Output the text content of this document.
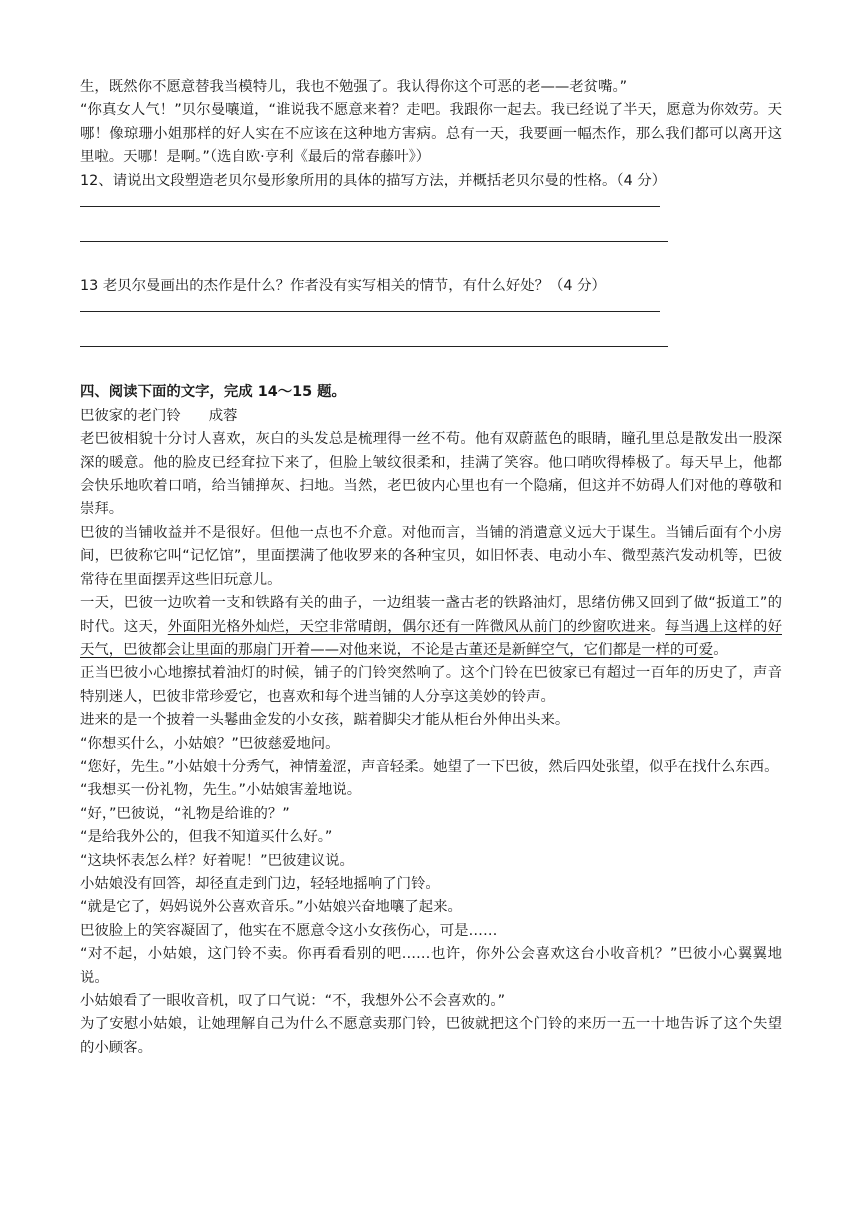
生，既然你不愿意替我当模特儿，我也不勉强了。我认得你这个可恶的老——老贫嘴。”

“你真女人气！”贝尔曼嚷道，“谁说我不愿意来着？走吧。我跟你一起去。我已经说了半天，愿意为你效劳。天哪！像琼珊小姐那样的好人实在不应该在这种地方害病。总有一天，我要画一幅杰作，那么我们都可以离开这里啦。天哪！是啊。”（选自欧·亨利《最后的常春藤叶》）

12、请说出文段塑造老贝尔曼形象所用的具体的描写方法，并概括老贝尔曼的性格。（4 分）

13 老贝尔曼画出的杰作是什么？作者没有实写相关的情节，有什么好处？（4 分）

四、阅读下面的文字，完成 14～15 题。

巴彼家的老门铃 成蓉

老巴彼相貌十分讨人喜欢，灰白的头发总是梳理得一丝不苟。他有双蔚蓝色的眼睛，瞳孔里总是散发出一股深深的暖意。他的脸皮已经耷拉下来了，但脸上皱纹很柔和，挂满了笑容。他口哨吹得棒极了。每天早上，他都会快乐地吹着口哨，给当铺掸灰、扫地。当然，老巴彼内心里也有一个隐痛，但这并不妨碍人们对他的尊敬和崇拜。

巴彼的当铺收益并不是很好。但他一点也不介意。对他而言，当铺的消遣意义远大于谋生。当铺后面有个小房间，巴彼称它叫“记忆馆”，里面摆满了他收罗来的各种宝贝，如旧怀表、电动小车、微型蒸汽发动机等，巴彼常待在里面摆弄这些旧玩意儿。

一天，巴彼一边吹着一支和铁路有关的曲子，一边组装一盏古老的铁路油灯，思绪仿佛又回到了做“扳道工”的时代。这天，外面阳光格外灿烂，天空非常晴朗，偶尔还有一阵微风从前门的纱窗吹进来。每当遇上这样的好天气，巴彼都会让里面的那扇门开着——对他来说，不论是古董还是新鲜空气，它们都是一样的可爱。

正当巴彼小心地擦拭着油灯的时候，铺子的门铃突然响了。这个门铃在巴彼家已有超过一百年的历史了，声音特别迷人，巴彼非常珍爱它，也喜欢和每个进当铺的人分享这美妙的铃声。

进来的是一个披着一头鬈曲金发的小女孩，踮着脚尖才能从柜台外伸出头来。

“你想买什么，小姑娘？”巴彼慈爱地问。

“您好，先生。”小姑娘十分秀气，神情羞涩，声音轻柔。她望了一下巴彼，然后四处张望，似乎在找什么东西。

“我想买一份礼物，先生。”小姑娘害羞地说。

“好，”巴彼说，“礼物是给谁的？”

“是给我外公的，但我不知道买什么好。”

“这块怀表怎么样？好着呢！”巴彼建议说。

小姑娘没有回答，却径直走到门边，轻轻地摇响了门铃。

“就是它了，妈妈说外公喜欢音乐。”小姑娘兴奋地嚷了起来。

巴彼脸上的笑容凝固了，他实在不愿意令这小女孩伤心，可是……

“对不起，小姑娘，这门铃不卖。你再看看别的吧……也许，你外公会喜欢这台小收音机？”巴彼小心翼翼地说。

小姑娘看了一眼收音机，叹了口气说：“不，我想外公不会喜欢的。”

为了安慰小姑娘，让她理解自己为什么不愿意卖那门铃，巴彼就把这个门铃的来历一五一十地告诉了这个失望的小顾客。
